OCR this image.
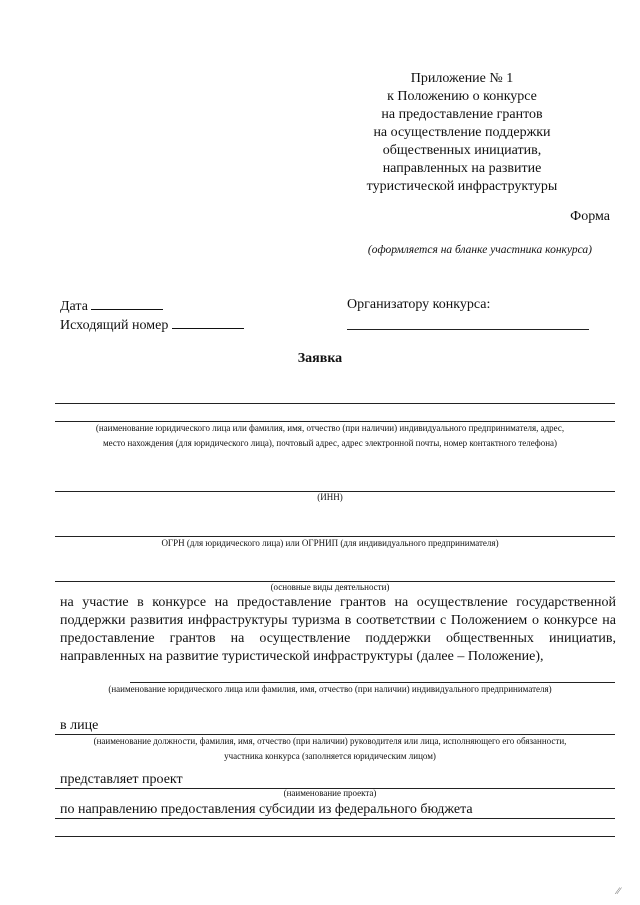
Приложение № 1
к Положению о конкурсе
на предоставление грантов
на осуществление поддержки
общественных инициатив,
направленных на развитие
туристической инфраструктуры
Форма
(оформляется на бланке участника конкурса)
Дата
Исходящий номер
Организатору конкурса:
Заявка
(наименование юридического лица или фамилия, имя, отчество (при наличии) индивидуального предпринимателя, адрес, место нахождения (для юридического лица), почтовый адрес, адрес электронной почты, номер контактного телефона)
(ИНН)
ОГРН (для юридического лица) или ОГРНИП (для индивидуального предпринимателя)
(основные виды деятельности)
на участие в конкурсе на предоставление грантов на осуществление государственной поддержки развития инфраструктуры туризма в соответствии с Положением о конкурсе на предоставление грантов на осуществление поддержки общественных инициатив, направленных на развитие туристической инфраструктуры (далее – Положение),
(наименование юридического лица или фамилия, имя, отчество (при наличии) индивидуального предпринимателя)
в лице
(наименование должности, фамилия, имя, отчество (при наличии) руководителя или лица, исполняющего его обязанности, участника конкурса (заполняется юридическим лицом)
представляет проект
(наименование проекта)
по направлению предоставления субсидии из федерального бюджета
∕∕
